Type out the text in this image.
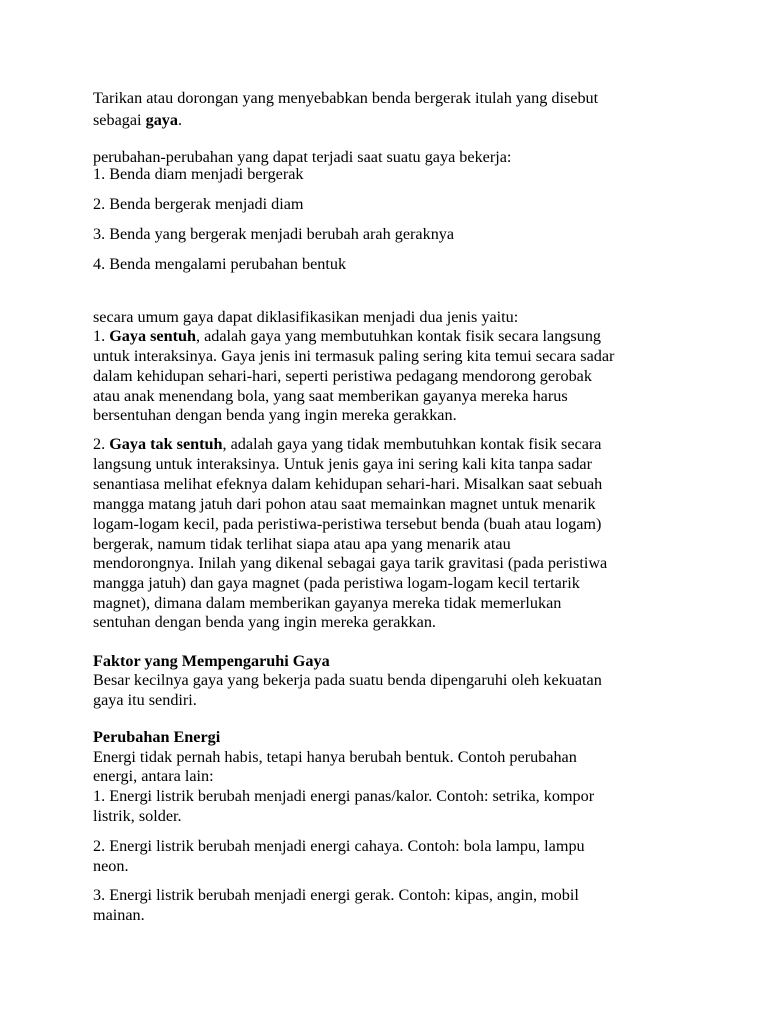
Tarikan atau dorongan yang menyebabkan benda bergerak itulah yang disebut
sebagai gaya.
perubahan-perubahan yang dapat terjadi saat suatu gaya bekerja:
1. Benda diam menjadi bergerak
2. Benda bergerak menjadi diam
3. Benda yang bergerak menjadi berubah arah geraknya
4. Benda mengalami perubahan bentuk
secara umum gaya dapat diklasifikasikan menjadi dua jenis yaitu:
1. Gaya sentuh, adalah gaya yang membutuhkan kontak fisik secara langsung
untuk interaksinya. Gaya jenis ini termasuk paling sering kita temui secara sadar
dalam kehidupan sehari-hari, seperti peristiwa pedagang mendorong gerobak
atau anak menendang bola, yang saat memberikan gayanya mereka harus
bersentuhan dengan benda yang ingin mereka gerakkan.
2. Gaya tak sentuh, adalah gaya yang tidak membutuhkan kontak fisik secara
langsung untuk interaksinya. Untuk jenis gaya ini sering kali kita tanpa sadar
senantiasa melihat efeknya dalam kehidupan sehari-hari. Misalkan saat sebuah
mangga matang jatuh dari pohon atau saat memainkan magnet untuk menarik
logam-logam kecil, pada peristiwa-peristiwa tersebut benda (buah atau logam)
bergerak, namum tidak terlihat siapa atau apa yang menarik atau
mendorongnya. Inilah yang dikenal sebagai gaya tarik gravitasi (pada peristiwa
mangga jatuh) dan gaya magnet (pada peristiwa logam-logam kecil tertarik
magnet), dimana dalam memberikan gayanya mereka tidak memerlukan
sentuhan dengan benda yang ingin mereka gerakkan.
Faktor yang Mempengaruhi Gaya
Besar kecilnya gaya yang bekerja pada suatu benda dipengaruhi oleh kekuatan
gaya itu sendiri.
Perubahan Energi
Energi tidak pernah habis, tetapi hanya berubah bentuk. Contoh perubahan
energi, antara lain:
1. Energi listrik berubah menjadi energi panas/kalor. Contoh: setrika, kompor
listrik, solder.
2. Energi listrik berubah menjadi energi cahaya. Contoh: bola lampu, lampu
neon.
3. Energi listrik berubah menjadi energi gerak. Contoh: kipas, angin, mobil
mainan.
